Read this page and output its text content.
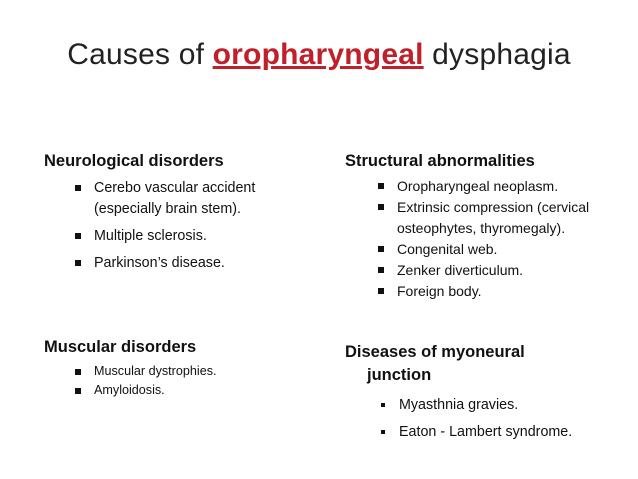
Causes of oropharyngeal dysphagia
Neurological disorders
Cerebo vascular accident (especially brain stem).
Multiple sclerosis.
Parkinson’s disease.
Structural abnormalities
Oropharyngeal neoplasm.
Extrinsic compression (cervical osteophytes, thyromegaly).
Congenital web.
Zenker diverticulum.
Foreign body.
Muscular disorders
Muscular dystrophies.
Amyloidosis.
Diseases of myoneural
junction
Myasthnia gravies.
Eaton - Lambert syndrome.
